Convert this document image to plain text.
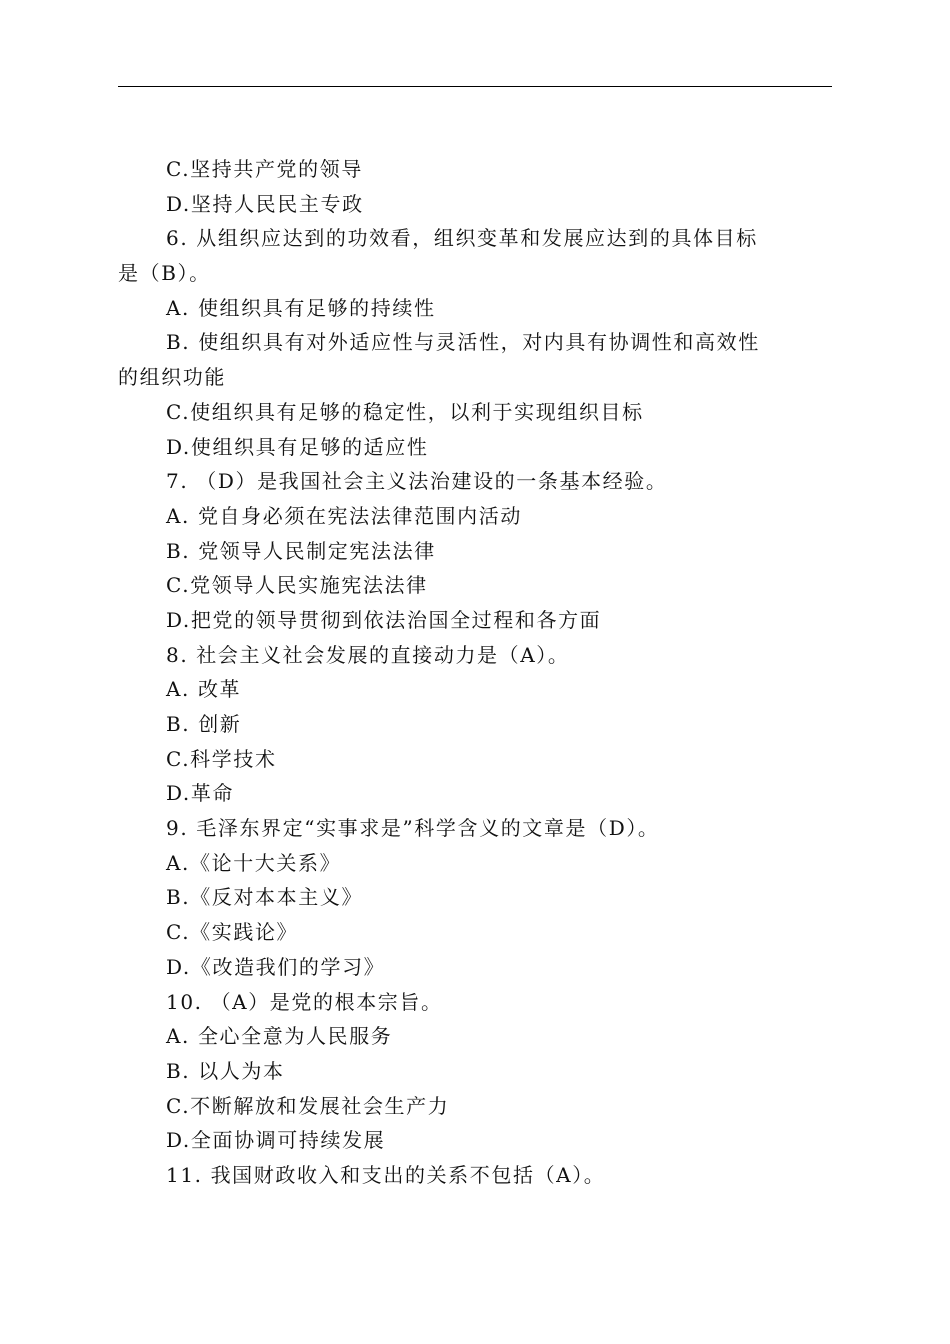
C.坚持共产党的领导
D.坚持人民民主专政
6. 从组织应达到的功效看，组织变革和发展应达到的具体目标
是（B）。
A. 使组织具有足够的持续性
B. 使组织具有对外适应性与灵活性，对内具有协调性和高效性
的组织功能
C.使组织具有足够的稳定性，以利于实现组织目标
D.使组织具有足够的适应性
7. （D）是我国社会主义法治建设的一条基本经验。
A. 党自身必须在宪法法律范围内活动
B. 党领导人民制定宪法法律
C.党领导人民实施宪法法律
D.把党的领导贯彻到依法治国全过程和各方面
8. 社会主义社会发展的直接动力是（A）。
A. 改革
B. 创新
C.科学技术
D.革命
9. 毛泽东界定“实事求是”科学含义的文章是（D）。
A.《论十大关系》
B.《反对本本主义》
C.《实践论》
D.《改造我们的学习》
10. （A）是党的根本宗旨。
A. 全心全意为人民服务
B. 以人为本
C.不断解放和发展社会生产力
D.全面协调可持续发展
11. 我国财政收入和支出的关系不包括（A）。
